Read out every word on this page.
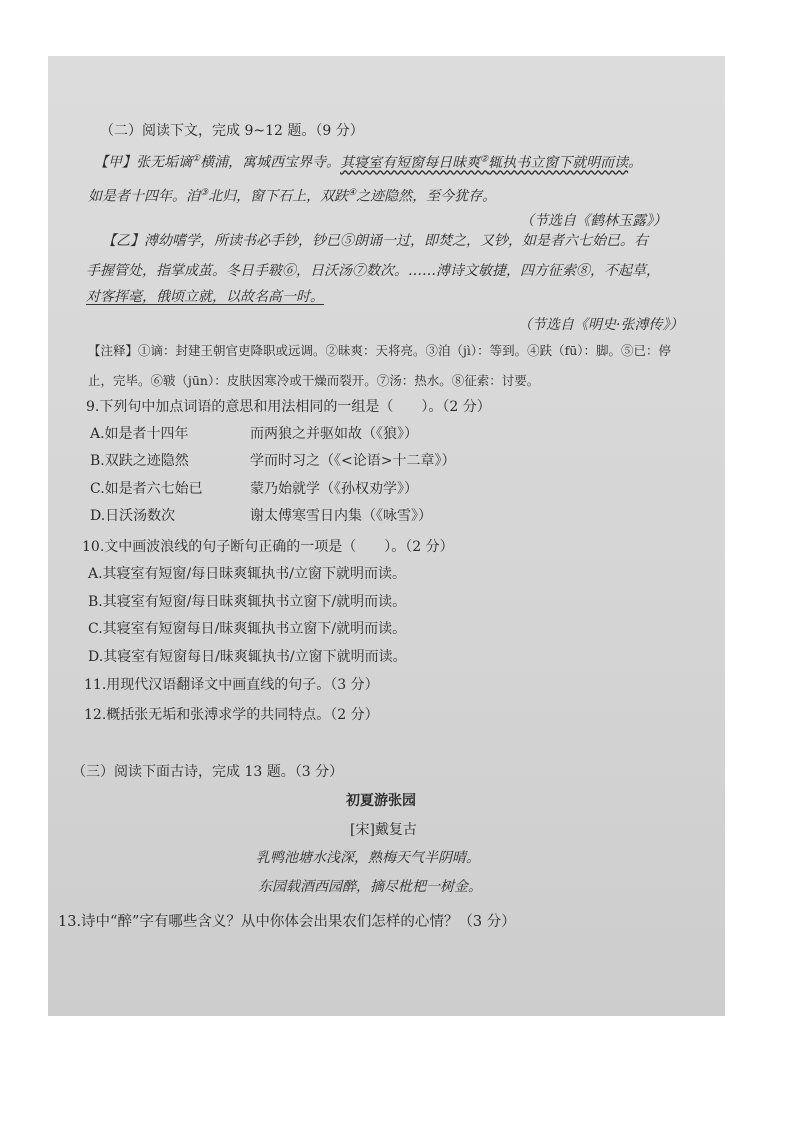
（二）阅读下文，完成 9~12 题。（9 分）
【甲】张无垢谪①横浦，寓城西宝界寺。其寝室有短窗每日昧爽②辄执书立窗下就明而读。
如是者十四年。洎③北归，窗下石上，双趺④之迹隐然，至今犹存。
（节选自《鹤林玉露》）
【乙】溥幼嗜学，所读书必手钞，钞已⑤朗诵一过，即焚之，又钞，如是者六七始已。右
手握管处，指掌成茧。冬日手皲⑥，日沃汤⑦数次。……溥诗文敏捷，四方征索⑧，不起草，
对客挥毫，俄顷立就，以故名高一时。
（节选自《明史·张溥传》）
【注释】①谪：封建王朝官吏降职或远调。②昧爽：天将亮。③洎（jì）：等到。④趺（fū）：脚。⑤已：停
止，完毕。⑥皲（jūn）：皮肤因寒冷或干燥而裂开。⑦汤：热水。⑧征索：讨要。
9.下列句中加点词语的意思和用法相同的一组是（　　）。（2 分）
A.如是者十四年	而两狼之并驱如故（《狼》）
B.双趺之迹隐然	学而时习之（《<论语>十二章》）
C.如是者六七始已	蒙乃始就学（《孙权劝学》）
D.日沃汤数次	谢太傅寒雪日内集（《咏雪》）
10.文中画波浪线的句子断句正确的一项是（　　）。（2 分）
A.其寝室有短窗/每日昧爽辄执书/立窗下就明而读。
B.其寝室有短窗/每日昧爽辄执书立窗下/就明而读。
C.其寝室有短窗每日/昧爽辄执书立窗下/就明而读。
D.其寝室有短窗每日/昧爽辄执书/立窗下就明而读。
11.用现代汉语翻译文中画直线的句子。（3 分）
12.概括张无垢和张溥求学的共同特点。（2 分）
（三）阅读下面古诗，完成 13 题。（3 分）
初夏游张园
[宋]戴复古
乳鸭池塘水浅深，熟梅天气半阴晴。
东园载酒西园醉，摘尽枇杷一树金。
13.诗中“醉”字有哪些含义？从中你体会出果农们怎样的心情？（3 分）
